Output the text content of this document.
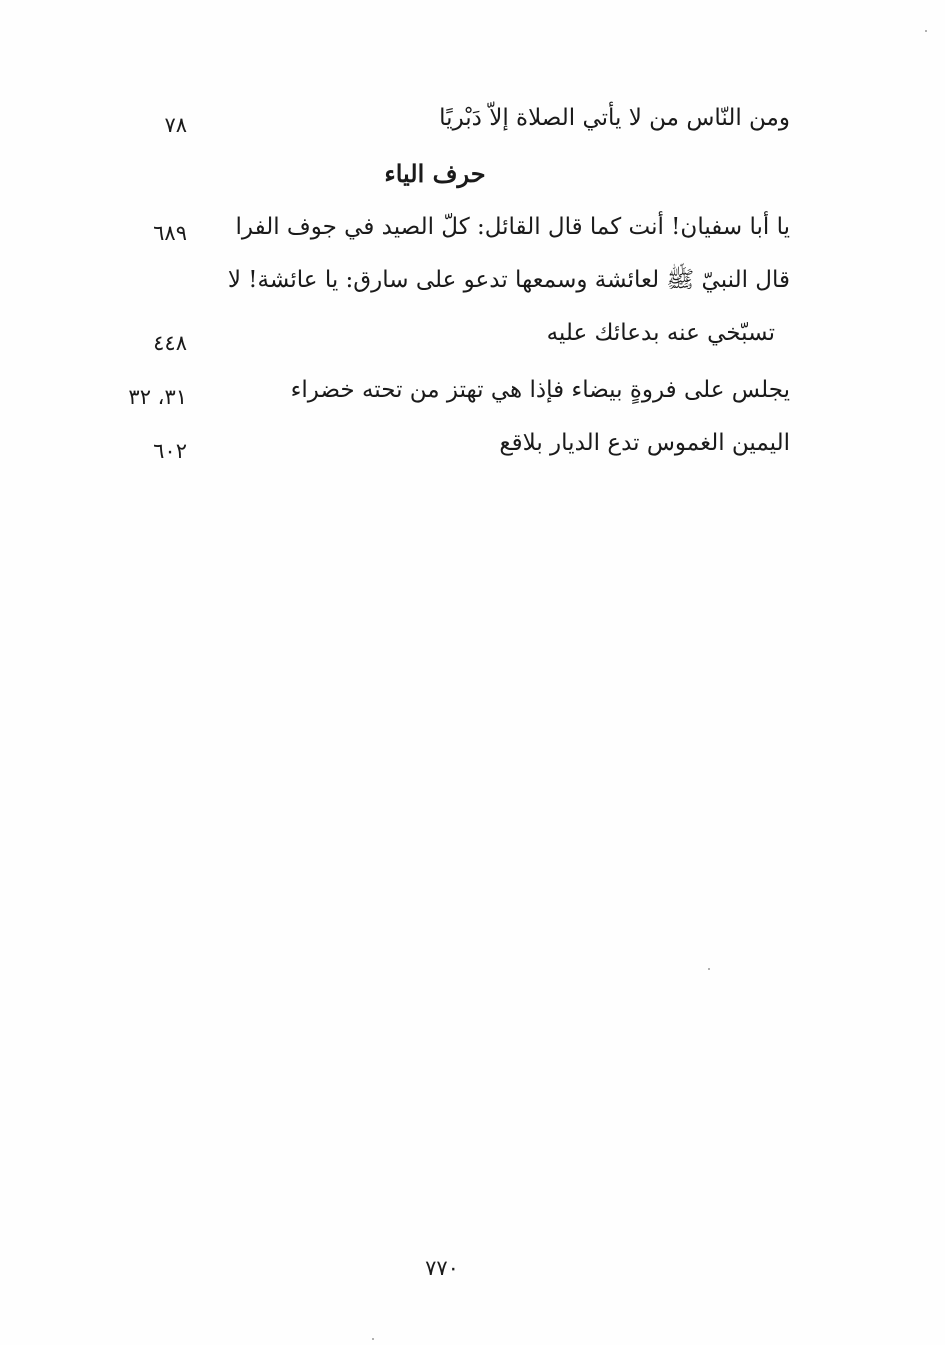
ومن النّاس من لا يأتي الصلاة إلاّ دَبْريًا
٧٨
حرف الياء
يا أبا سفيان! أنت كما قال القائل: كلّ الصيد في جوف الفرا
٦٨٩
قال النبيّ ﷺ لعائشة وسمعها تدعو على سارق: يا عائشة! لا
تسبّخي عنه بدعائك عليه
٤٤٨
يجلس على فروةٍ بيضاء فإذا هي تهتز من تحته خضراء
٣١، ٣٢
اليمين الغموس تدع الديار بلاقع
٦٠٢
٧٧٠
